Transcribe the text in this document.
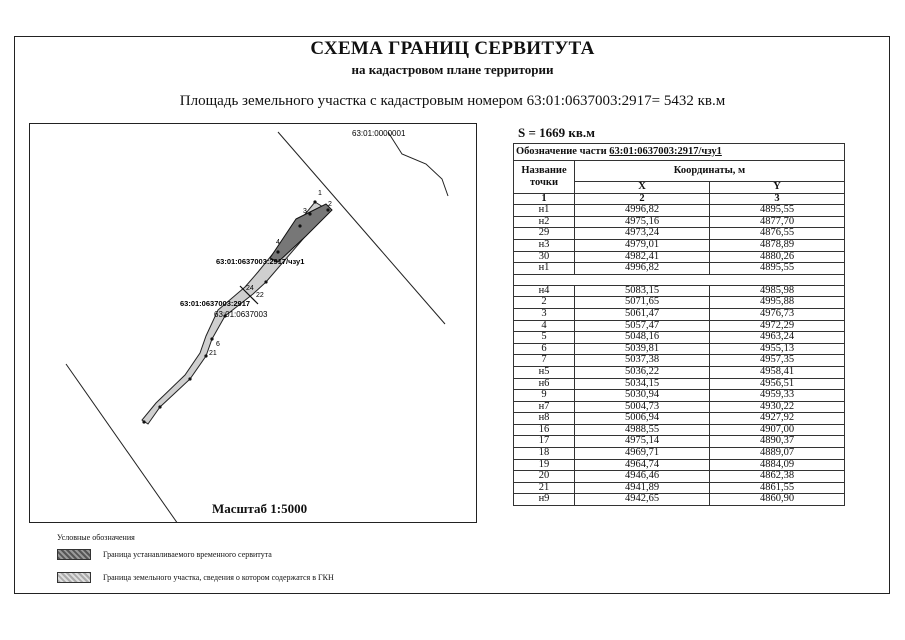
СХЕМА ГРАНИЦ СЕРВИТУТА
на кадастровом плане территории
Площадь земельного участка с кадастровым номером 63:01:0637003:2917= 5432 кв.м
63:01:0000001
1
2
3
4
6
21
22
24
63:01:0637003:2917/чзу1
63:01:0637003:2917
63:01:0637003
Масштаб 1:5000
S = 1669 кв.м
Обозначение части 63:01:0637003:2917/чзу1		
Название точки	Координаты, м	
	X	Y
1	2	3
н1	4996,82	4895,55
н2	4975,16	4877,70
29	4973,24	4876,55
н3	4979,01	4878,89
30	4982,41	4880,26
н1	4996,82	4895,55

н4	5083,15	4985,98
2	5071,65	4995,88
3	5061,47	4976,73
4	5057,47	4972,29
5	5048,16	4963,24
6	5039,81	4955,13
7	5037,38	4957,35
н5	5036,22	4958,41
н6	5034,15	4956,51
9	5030,94	4959,33
н7	5004,73	4930,22
н8	5006,94	4927,92
16	4988,55	4907,00
17	4975,14	4890,37
18	4969,71	4889,07
19	4964,74	4884,09
20	4946,46	4862,38
21	4941,89	4861,55
н9	4942,65	4860,90
Условные обозначения
Граница устанавливаемого временного сервитута
Граница земельного участка, сведения о котором содержатся в ГКН
